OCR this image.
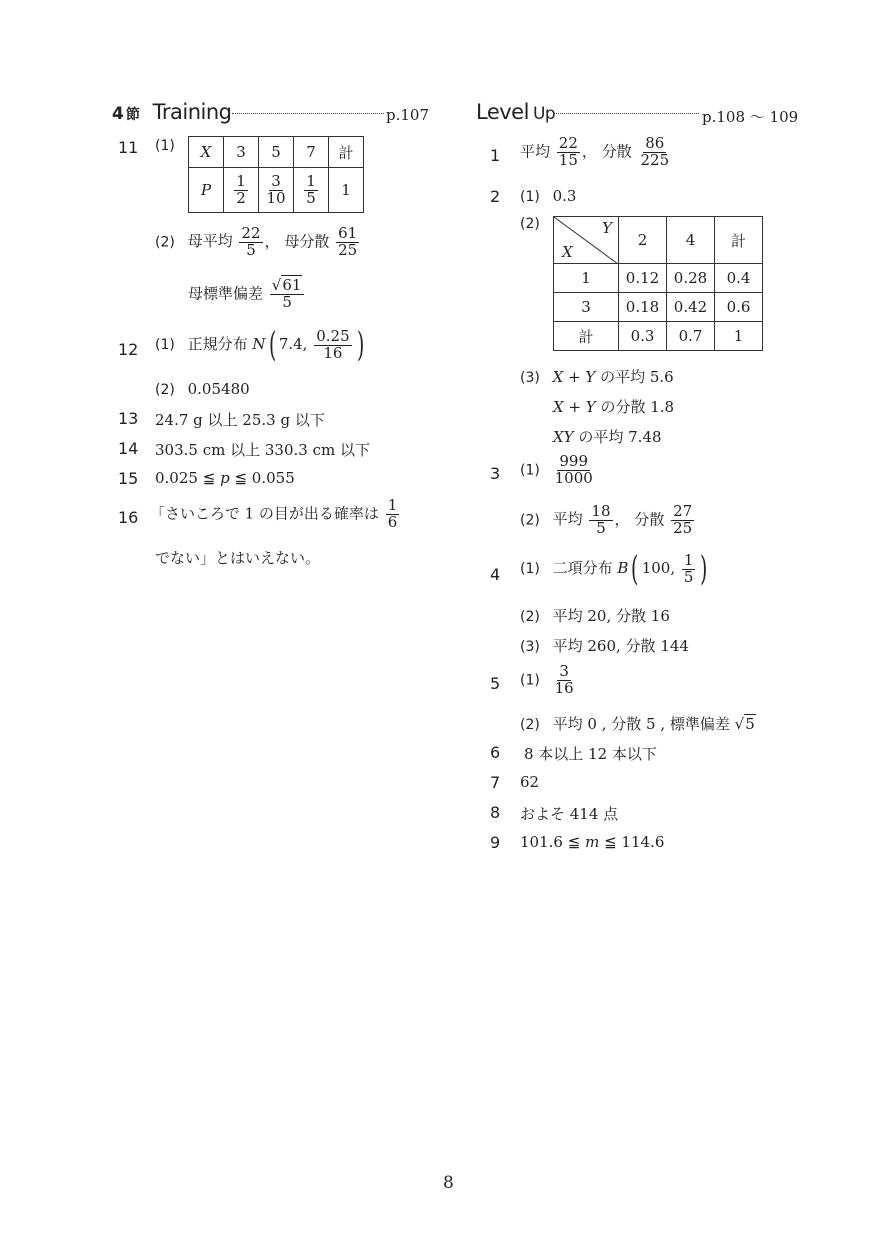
4 節 Training	p.107
11 (1) X	3	5	7	計
P	$\frac{1}{2}$	$\frac{3}{10}$	$\frac{1}{5}$	1
(2) 母平均 $\frac{22}{5}$ ， 母分散 $\frac{61}{25}$
母標準偏差 $\frac{√61}{5}$
12 (1) 正規分布 N( 7.4, $\frac{0.25}{16}$ )
(2) 0.05480
13 24.7 g 以上 25.3 g 以下
14 303.5 cm 以上 330.3 cm 以下
15 0.025 ≦ p ≦ 0.055
16 「さいころで 1 の目が出る確率は $\frac{1}{6}$
でない」とはいえない。
Level Up	p.108 〜 109
1 平均 $\frac{22}{15}$ ， 分散 $\frac{86}{225}$
2 (1) 0.3
(2)	Y
X	2	4	計
1	0.12	0.28	0.4
3	0.18	0.42	0.6
計	0.3	0.7	1
(3) X + Y の平均 5.6
X + Y の分散 1.8
XY の平均 7.48
3 $(1) \frac{999}{1000}$
(2) 平均 $\frac{18}{5}$ ， 分散 $\frac{27}{25}$
4 (1) 二項分布 B( 100, $\frac{1}{5}$ )
(2) 平均 20, 分散 16
(3) 平均 260, 分散 144
5 $(1) \frac{3}{16}$
(2) 平均 0 , 分散 5 , 標準偏差 √5
6 8 本以上 12 本以下
7 62
8 およそ 414 点
9 101.6 ≦ m ≦ 114.6
8
